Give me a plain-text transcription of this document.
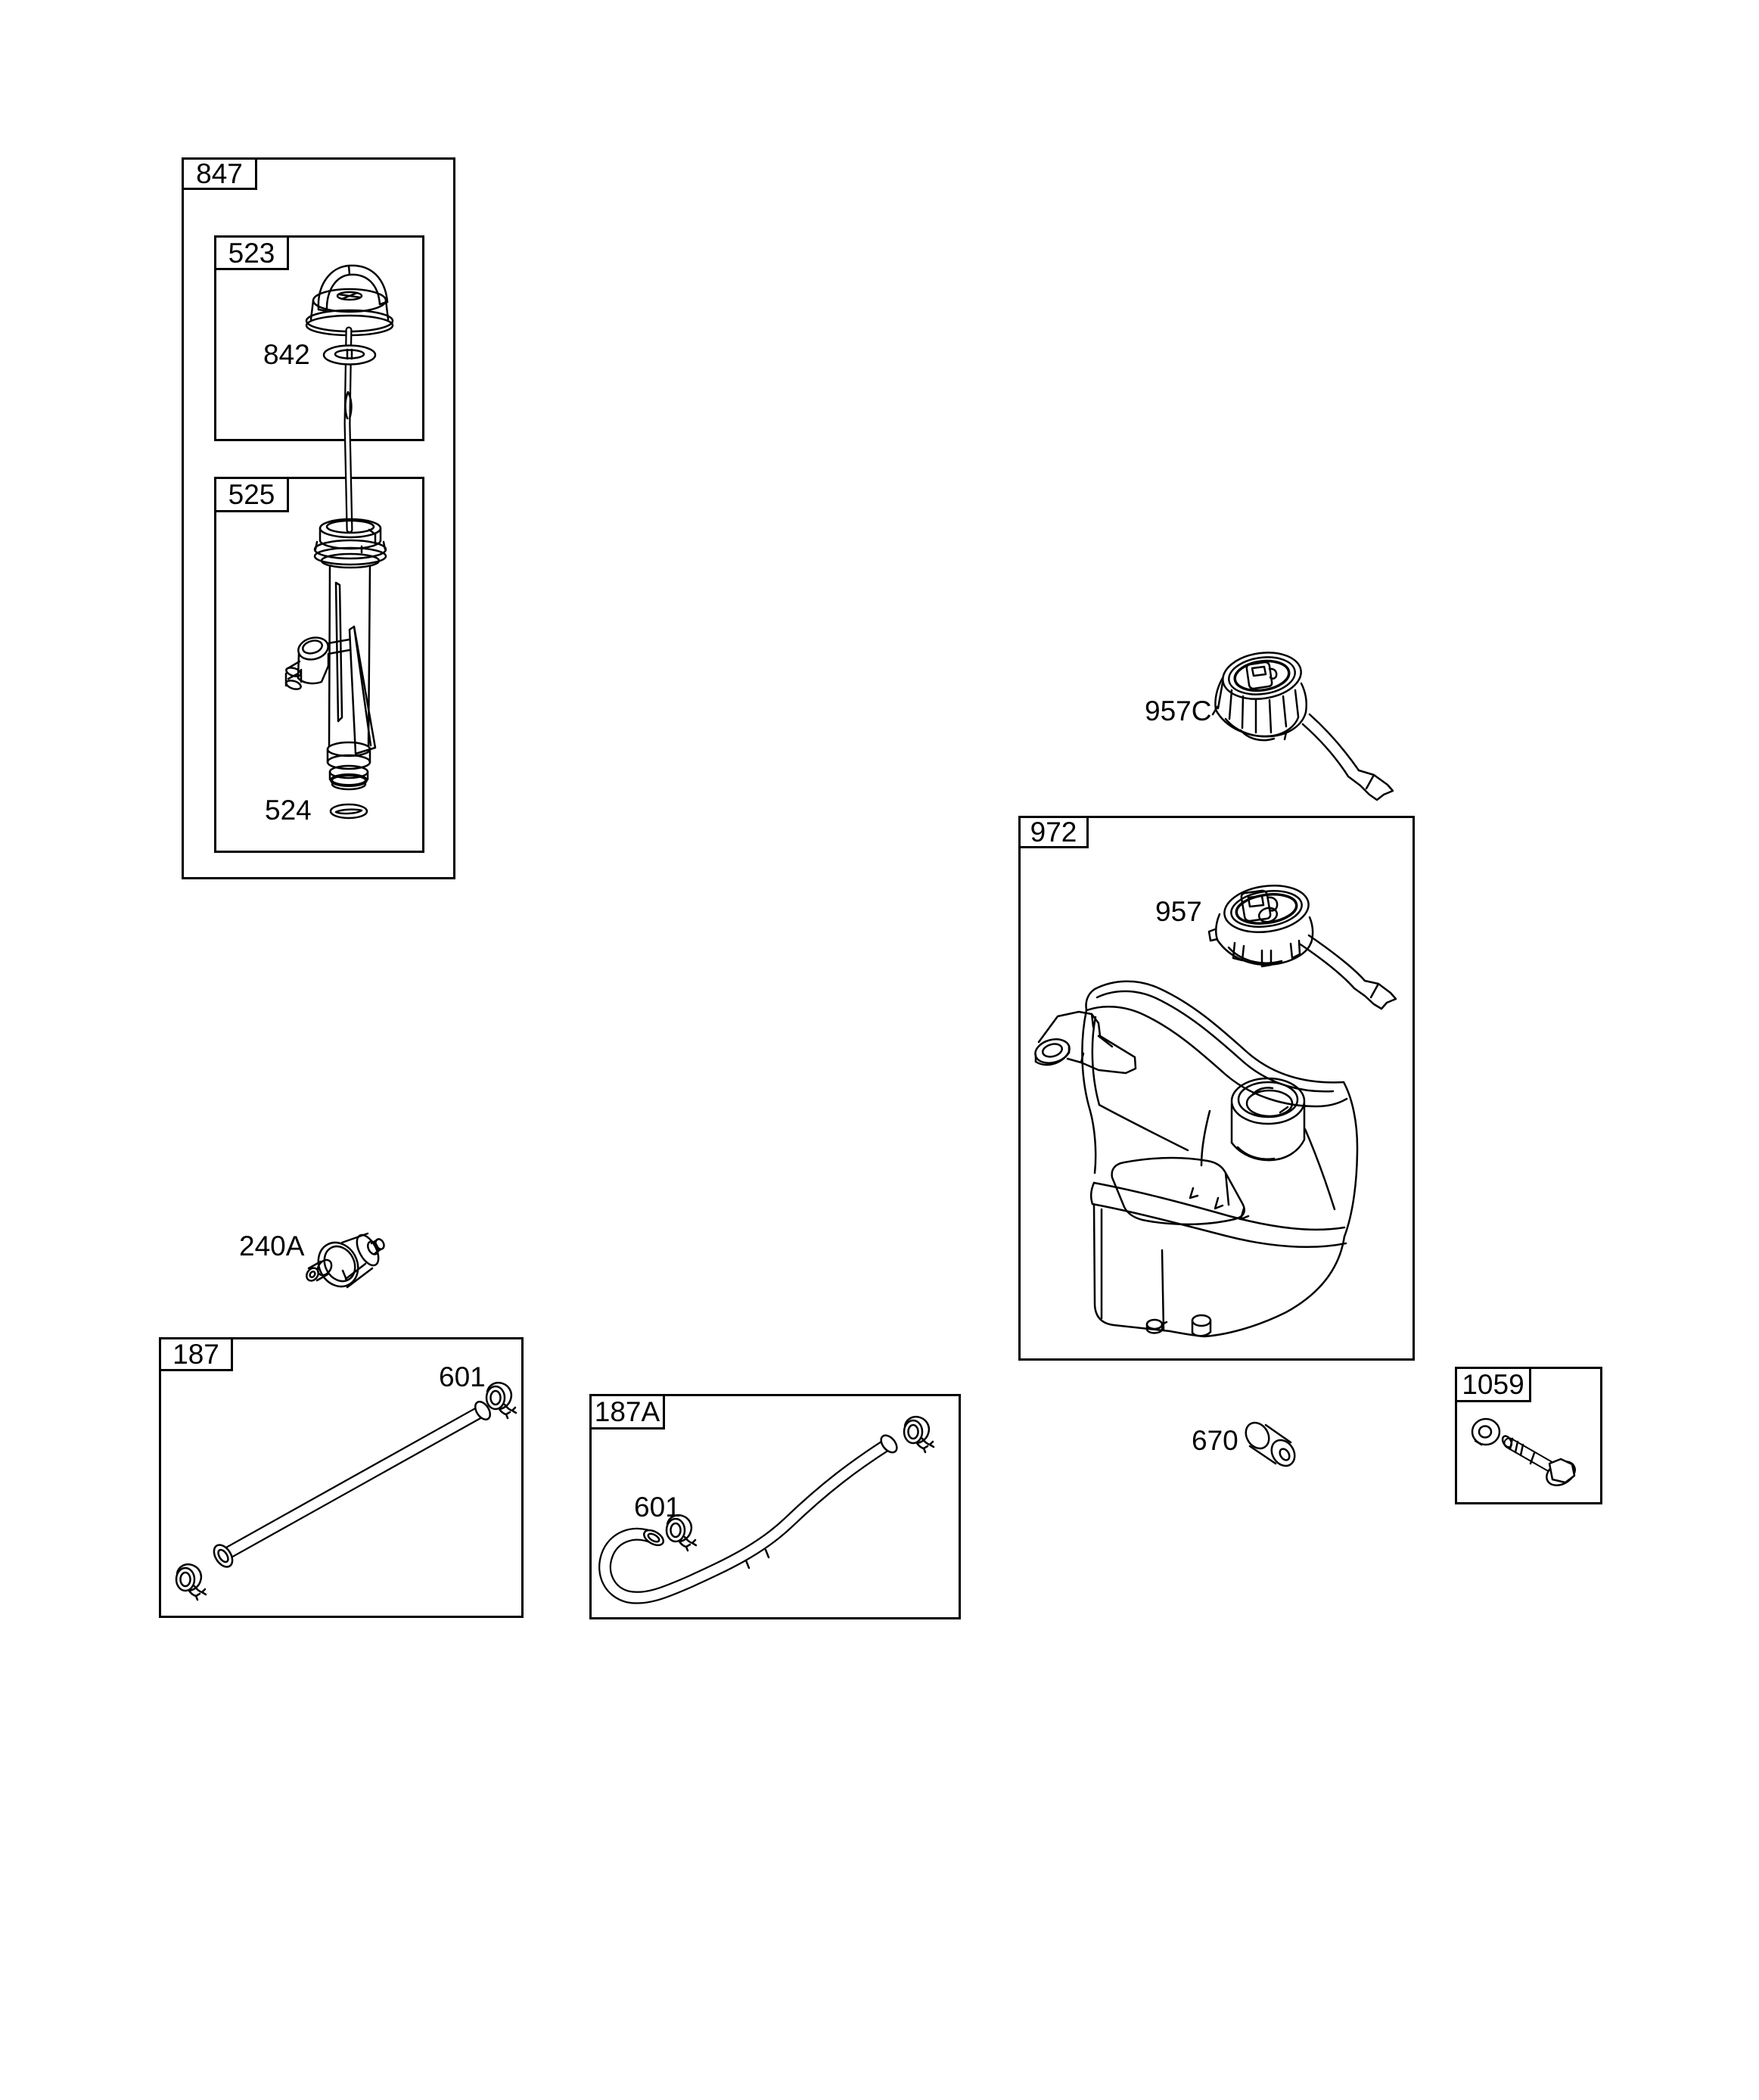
847
523
525
972
187
187A
1059
842
524
957C
957
240A
601
601
670
